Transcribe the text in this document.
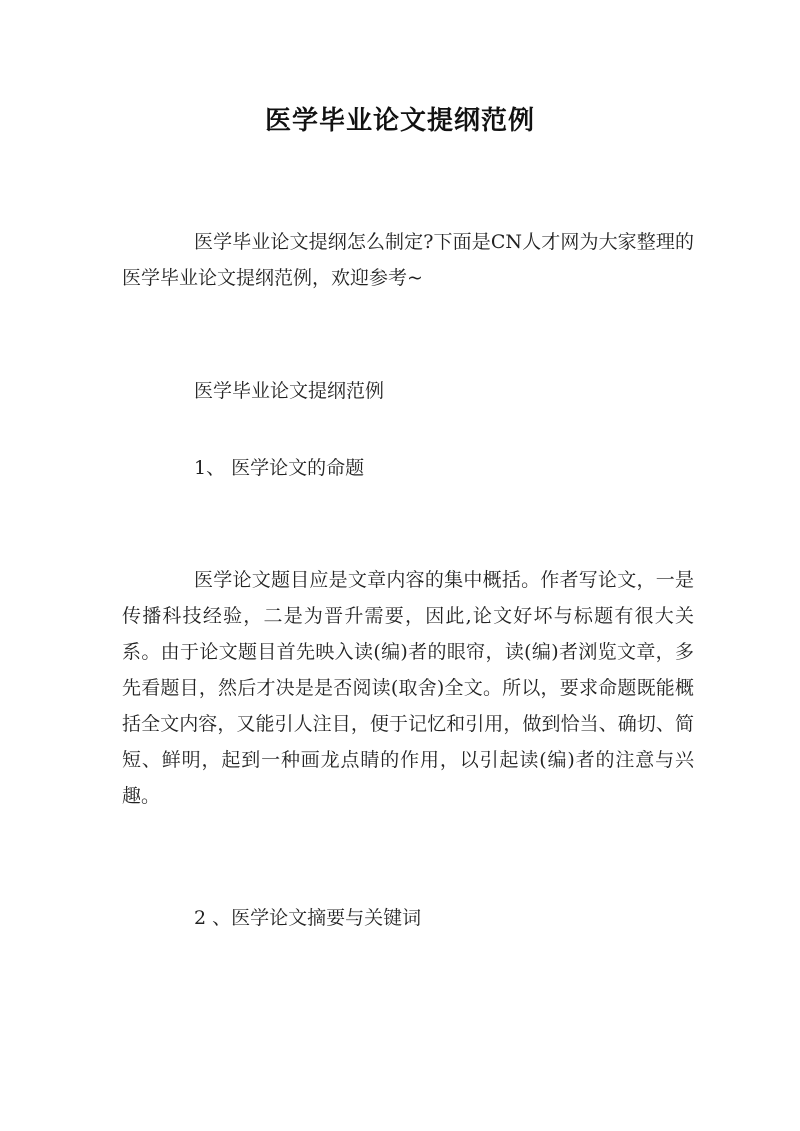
医学毕业论文提纲范例
医学毕业论文提纲怎么制定?下面是CN人才网为大家整理的医学毕业论文提纲范例，欢迎参考~
医学毕业论文提纲范例
1、 医学论文的命题
医学论文题目应是文章内容的集中概括。作者写论文，一是传播科技经验，二是为晋升需要，因此,论文好坏与标题有很大关系。由于论文题目首先映入读(编)者的眼帘，读(编)者浏览文章，多先看题目，然后才决是是否阅读(取舍)全文。所以，要求命题既能概括全文内容，又能引人注目，便于记忆和引用，做到恰当、确切、简短、鲜明，起到一种画龙点睛的作用，以引起读(编)者的注意与兴趣。
2 、医学论文摘要与关键词
